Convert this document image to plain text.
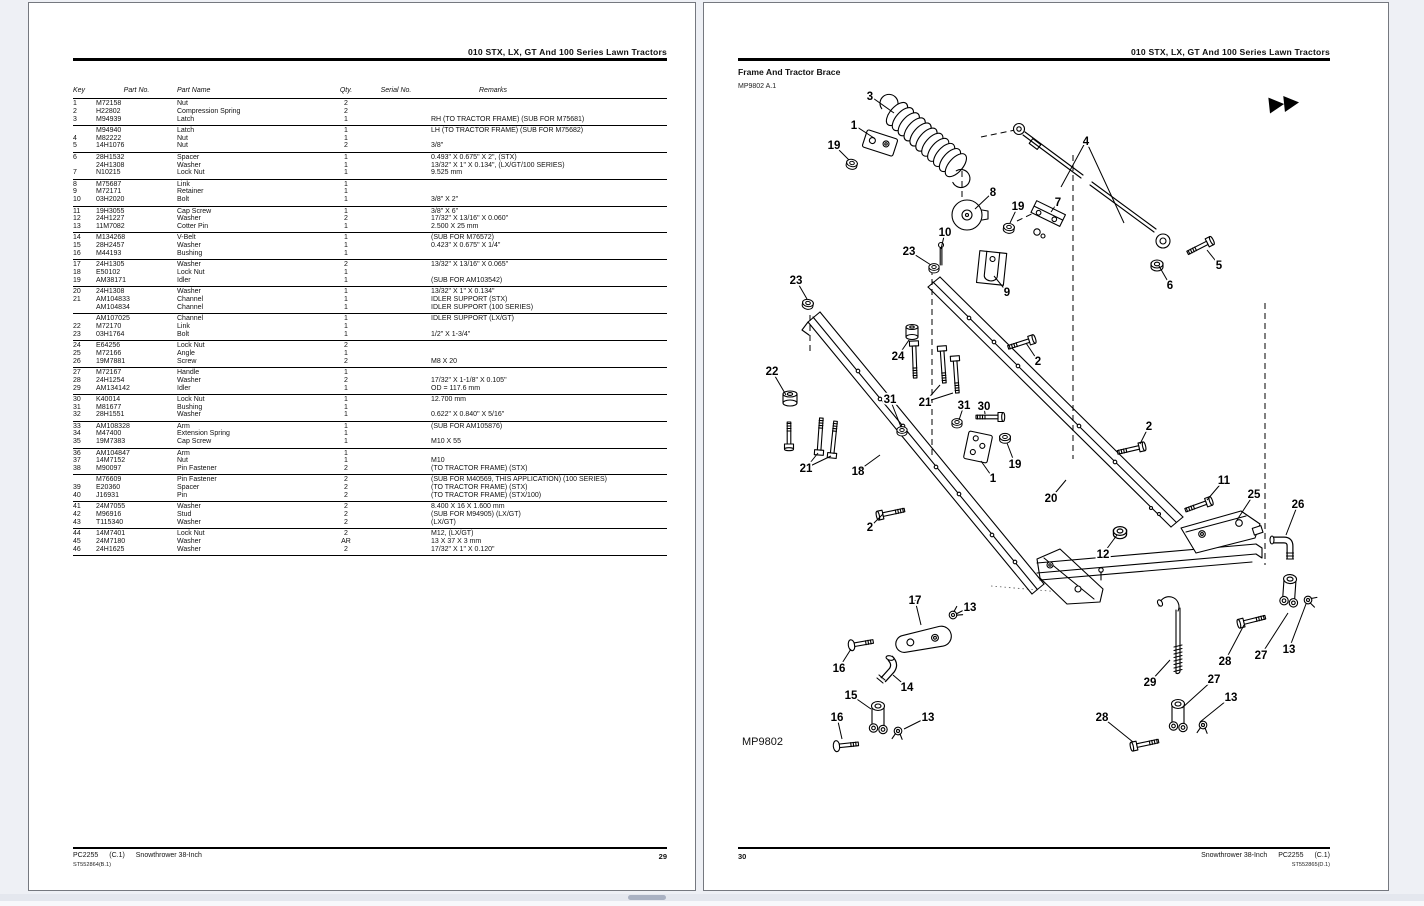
010 STX, LX, GT And 100 Series Lawn Tractors
Key	Part No.	Part Name	Qty.	Serial No.	Remarks
1	M72158	Nut	2
2	H22802	Compression Spring	2
3	M94939	Latch	1	RH (TO TRACTOR FRAME) (SUB FOR M75681)
M94940	Latch	1	LH (TO TRACTOR FRAME) (SUB FOR M75682)
4	M82222	Nut	1
5	14H1076	Nut	2	3/8"
6	28H1532	Spacer	1	0.493" X 0.675" X 2", (STX)
24H1308	Washer	1	13/32" X 1" X 0.134", (LX/GT/100 SERIES)
7	N10215	Lock Nut	1	9.525 mm
8	M75687	Link	1
9	M72171	Retainer	1
10	03H2020	Bolt	1	3/8" X 2"
11	19H3055	Cap Screw	1	3/8" X 6"
12	24H1227	Washer	2	17/32" X 13/16" X 0.060"
13	11M7082	Cotter Pin	1	2.500 X 25 mm
14	M134268	V-Belt	1	(SUB FOR M76572)
15	28H2457	Washer	1	0.423" X 0.675" X 1/4"
16	M44193	Bushing	1
17	24H1305	Washer	2	13/32" X 13/16" X 0.065"
18	E50102	Lock Nut	1
19	AM38171	Idler	1	(SUB FOR AM103542)
20	24H1308	Washer	1	13/32" X 1" X 0.134"
21	AM104833	Channel	1	IDLER SUPPORT (STX)
AM104834	Channel	1	IDLER SUPPORT (100 SERIES)
AM107025	Channel	1	IDLER SUPPORT (LX/GT)
22	M72170	Link	1
23	03H1764	Bolt	1	1/2" X 1-3/4"
24	E64256	Lock Nut	2
25	M72166	Angle	1
26	19M7881	Screw	2	M8 X 20
27	M72167	Handle	1
28	24H1254	Washer	2	17/32" X 1-1/8" X 0.105"
29	AM134142	Idler	1	OD = 117.6 mm
30	K40014	Lock Nut	1	12.700 mm
31	M81677	Bushing	1
32	28H1551	Washer	1	0.622" X 0.840" X 5/16"
33	AM108328	Arm	1	(SUB FOR AM105876)
34	M47400	Extension Spring	1
35	19M7383	Cap Screw	1	M10 X 55
36	AM104847	Arm	1
37	14M7152	Nut	1	M10
38	M90097	Pin Fastener	2	(TO TRACTOR FRAME) (STX)
M76609	Pin Fastener	2	(SUB FOR M40569, THIS APPLICATION) (100 SERIES)
39	E20360	Spacer	2	(TO TRACTOR FRAME) (STX)
40	J16931	Pin	2	(TO TRACTOR FRAME) (STX/100)
41	24M7055	Washer	2	8.400 X 16 X 1.600 mm
42	M96916	Stud	2	(SUB FOR M94905) (LX/GT)
43	T115340	Washer	2	(LX/GT)
44	14M7401	Lock Nut	2	M12, (LX/GT)
45	24M7180	Washer	AR	13 X 37 X 3 mm
46	24H1625	Washer	2	17/32" X 1" X 0.120"
PC2255 (C.1) Snowthrower 38-Inch	29
ST552864(B.1)
010 STX, LX, GT And 100 Series Lawn Tractors
Frame And Tractor Brace
MP9802 A.1
3
1
19	4
8
19	7
10
23
9
5
6
23
22
24	2
31 21 31 30
21	18
1
19
2
11
25
26
20
2
12
17
13
16
14
15
16	13
29
28 27 13
27
13
28
MP9802
30	Snowthrower 38-Inch PC2255 (C.1)
ST552865(D.1)
